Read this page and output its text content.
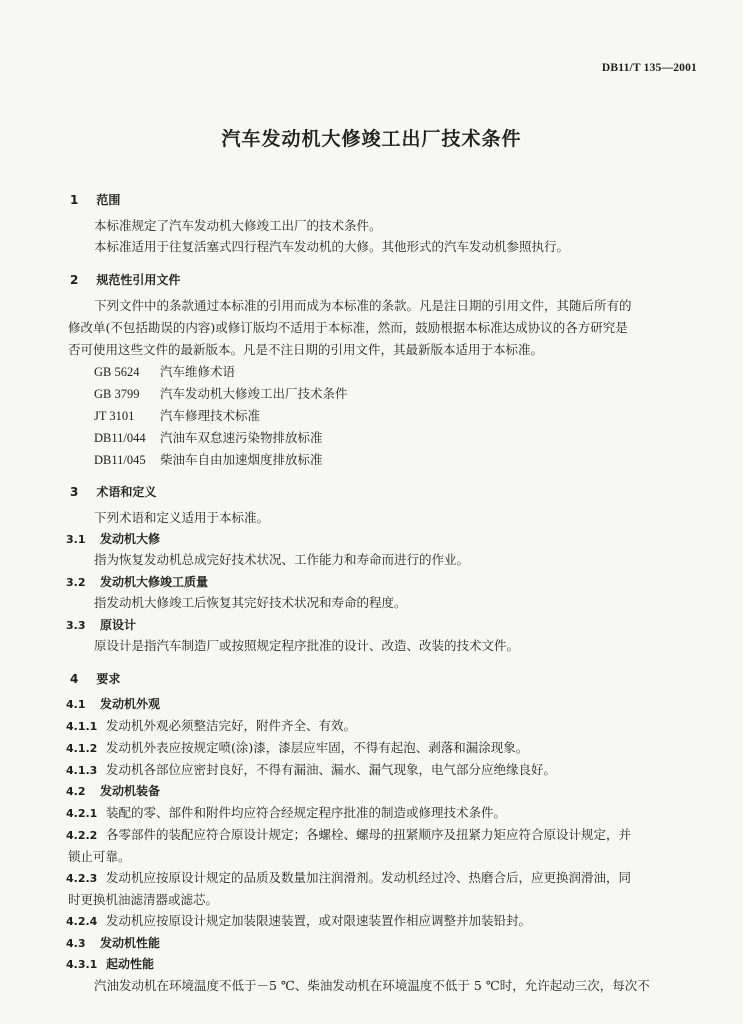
DB11/T 135—2001
汽车发动机大修竣工出厂技术条件
1 范围
本标准规定了汽车发动机大修竣工出厂的技术条件。
本标准适用于往复活塞式四行程汽车发动机的大修。其他形式的汽车发动机参照执行。
2 规范性引用文件
下列文件中的条款通过本标准的引用而成为本标准的条款。凡是注日期的引用文件，其随后所有的
修改单(不包括勘误的内容)或修订版均不适用于本标准，然而，鼓励根据本标准达成协议的各方研究是
否可使用这些文件的最新版本。凡是不注日期的引用文件，其最新版本适用于本标准。
GB 5624 汽车维修术语
GB 3799 汽车发动机大修竣工出厂技术条件
JT 3101 汽车修理技术标准
DB11/044 汽油车双怠速污染物排放标准
DB11/045 柴油车自由加速烟度排放标准
3 术语和定义
下列术语和定义适用于本标准。
3.1 发动机大修
指为恢复发动机总成完好技术状况、工作能力和寿命而进行的作业。
3.2 发动机大修竣工质量
指发动机大修竣工后恢复其完好技术状况和寿命的程度。
3.3 原设计
原设计是指汽车制造厂或按照规定程序批准的设计、改造、改装的技术文件。
4 要求
4.1 发动机外观
4.1.1 发动机外观必须整洁完好，附件齐全、有效。
4.1.2 发动机外表应按规定喷(涂)漆，漆层应牢固，不得有起泡、剥落和漏涂现象。
4.1.3 发动机各部位应密封良好，不得有漏油、漏水、漏气现象，电气部分应绝缘良好。
4.2 发动机装备
4.2.1 装配的零、部件和附件均应符合经规定程序批准的制造或修理技术条件。
4.2.2 各零部件的装配应符合原设计规定；各螺栓、螺母的扭紧顺序及扭紧力矩应符合原设计规定，并
锁止可靠。
4.2.3 发动机应按原设计规定的品质及数量加注润滑剂。发动机经过冷、热磨合后，应更换润滑油，同
时更换机油滤清器或滤芯。
4.2.4 发动机应按原设计规定加装限速装置，或对限速装置作相应调整并加装铅封。
4.3 发动机性能
4.3.1 起动性能
汽油发动机在环境温度不低于－5 ℃、柴油发动机在环境温度不低于 5 ℃时，允许起动三次，每次不
